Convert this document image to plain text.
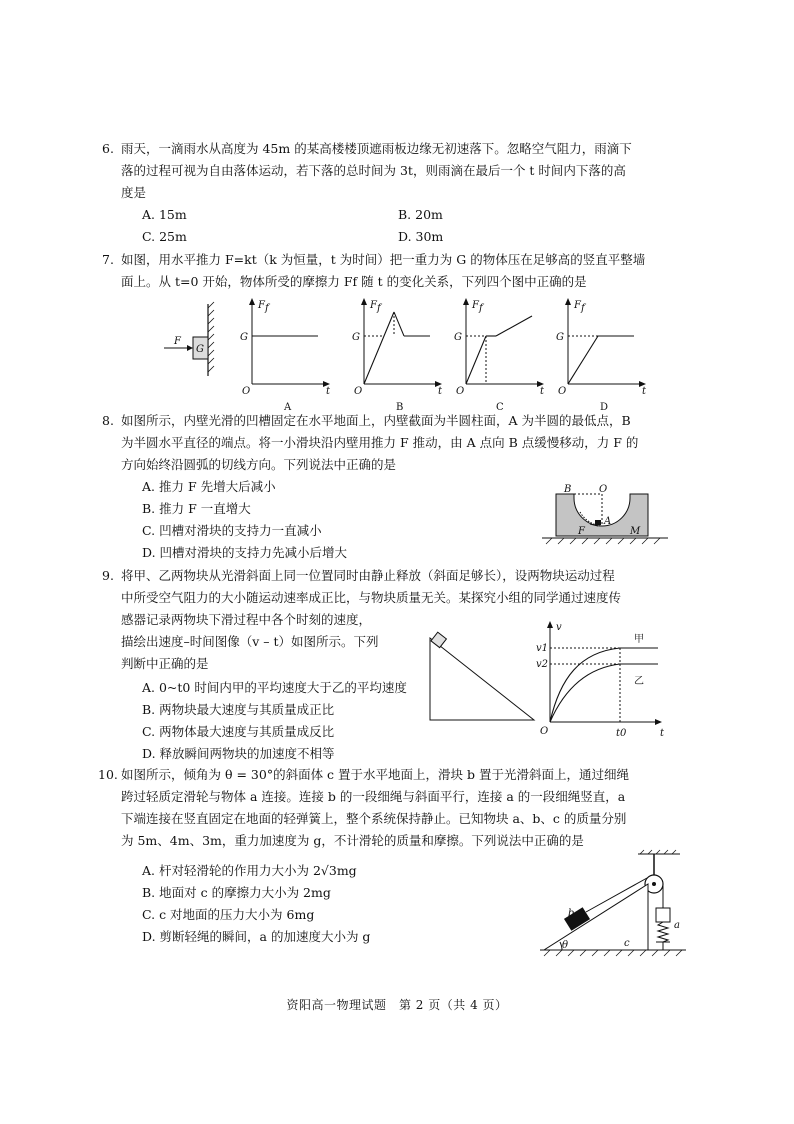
6. 雨天，一滴雨水从高度为 45m 的某高楼楼顶遮雨板边缘无初速落下。忽略空气阻力，雨滴下
落的过程可视为自由落体运动，若下落的总时间为 3t，则雨滴在最后一个 t 时间内下落的高
度是
A. 15m	B. 20m
C. 25m	D. 30m
7. 如图，用水平推力 F=kt（k 为恒量，t 为时间）把一重力为 G 的物体压在足够高的竖直平整墙
面上。从 t=0 开始，物体所受的摩擦力 Ff 随 t 的变化关系，下列四个图中正确的是
F
G
F f
G
O	t
A
F f
G
O	t
B
F f
G
O	t
C
F f
G
O	t
D
8. 如图所示，内壁光滑的凹槽固定在水平地面上，内壁截面为半圆柱面，A 为半圆的最低点，B
为半圆水平直径的端点。将一小滑块沿内壁用推力 F 推动，由 A 点向 B 点缓慢移动，力 F 的
方向始终沿圆弧的切线方向。下列说法中正确的是
A. 推力 F 先增大后减小
B. 推力 F 一直增大
C. 凹槽对滑块的支持力一直减小
D. 凹槽对滑块的支持力先减小后增大
B	O
A
F	M
9. 将甲、乙两物块从光滑斜面上同一位置同时由静止释放（斜面足够长），设两物块运动过程
中所受空气阻力的大小随运动速率成正比，与物块质量无关。某探究小组的同学通过速度传
感器记录两物块下滑过程中各个时刻的速度，
描绘出速度–时间图像（v – t）如图所示。下列
判断中正确的是
A. 0~t0 时间内甲的平均速度大于乙的平均速度
B. 两物块最大速度与其质量成正比
C. 两物体最大速度与其质量成反比
D. 释放瞬间两物块的加速度不相等
v
v1
v2
O	t0	t
甲
乙
10. 如图所示，倾角为 θ = 30°的斜面体 c 置于水平地面上，滑块 b 置于光滑斜面上，通过细绳
跨过轻质定滑轮与物体 a 连接。连接 b 的一段细绳与斜面平行，连接 a 的一段细绳竖直，a
下端连接在竖直固定在地面的轻弹簧上，整个系统保持静止。已知物块 a、b、c 的质量分别
为 5m、4m、3m，重力加速度为 g，不计滑轮的质量和摩擦。下列说法中正确的是
A. 杆对轻滑轮的作用力大小为 2√3mg
B. 地面对 c 的摩擦力大小为 2mg
C. c 对地面的压力大小为 6mg
D. 剪断轻绳的瞬间，a 的加速度大小为 g
a
b
c
θ
资阳高一物理试题　第 2 页（共 4 页）
